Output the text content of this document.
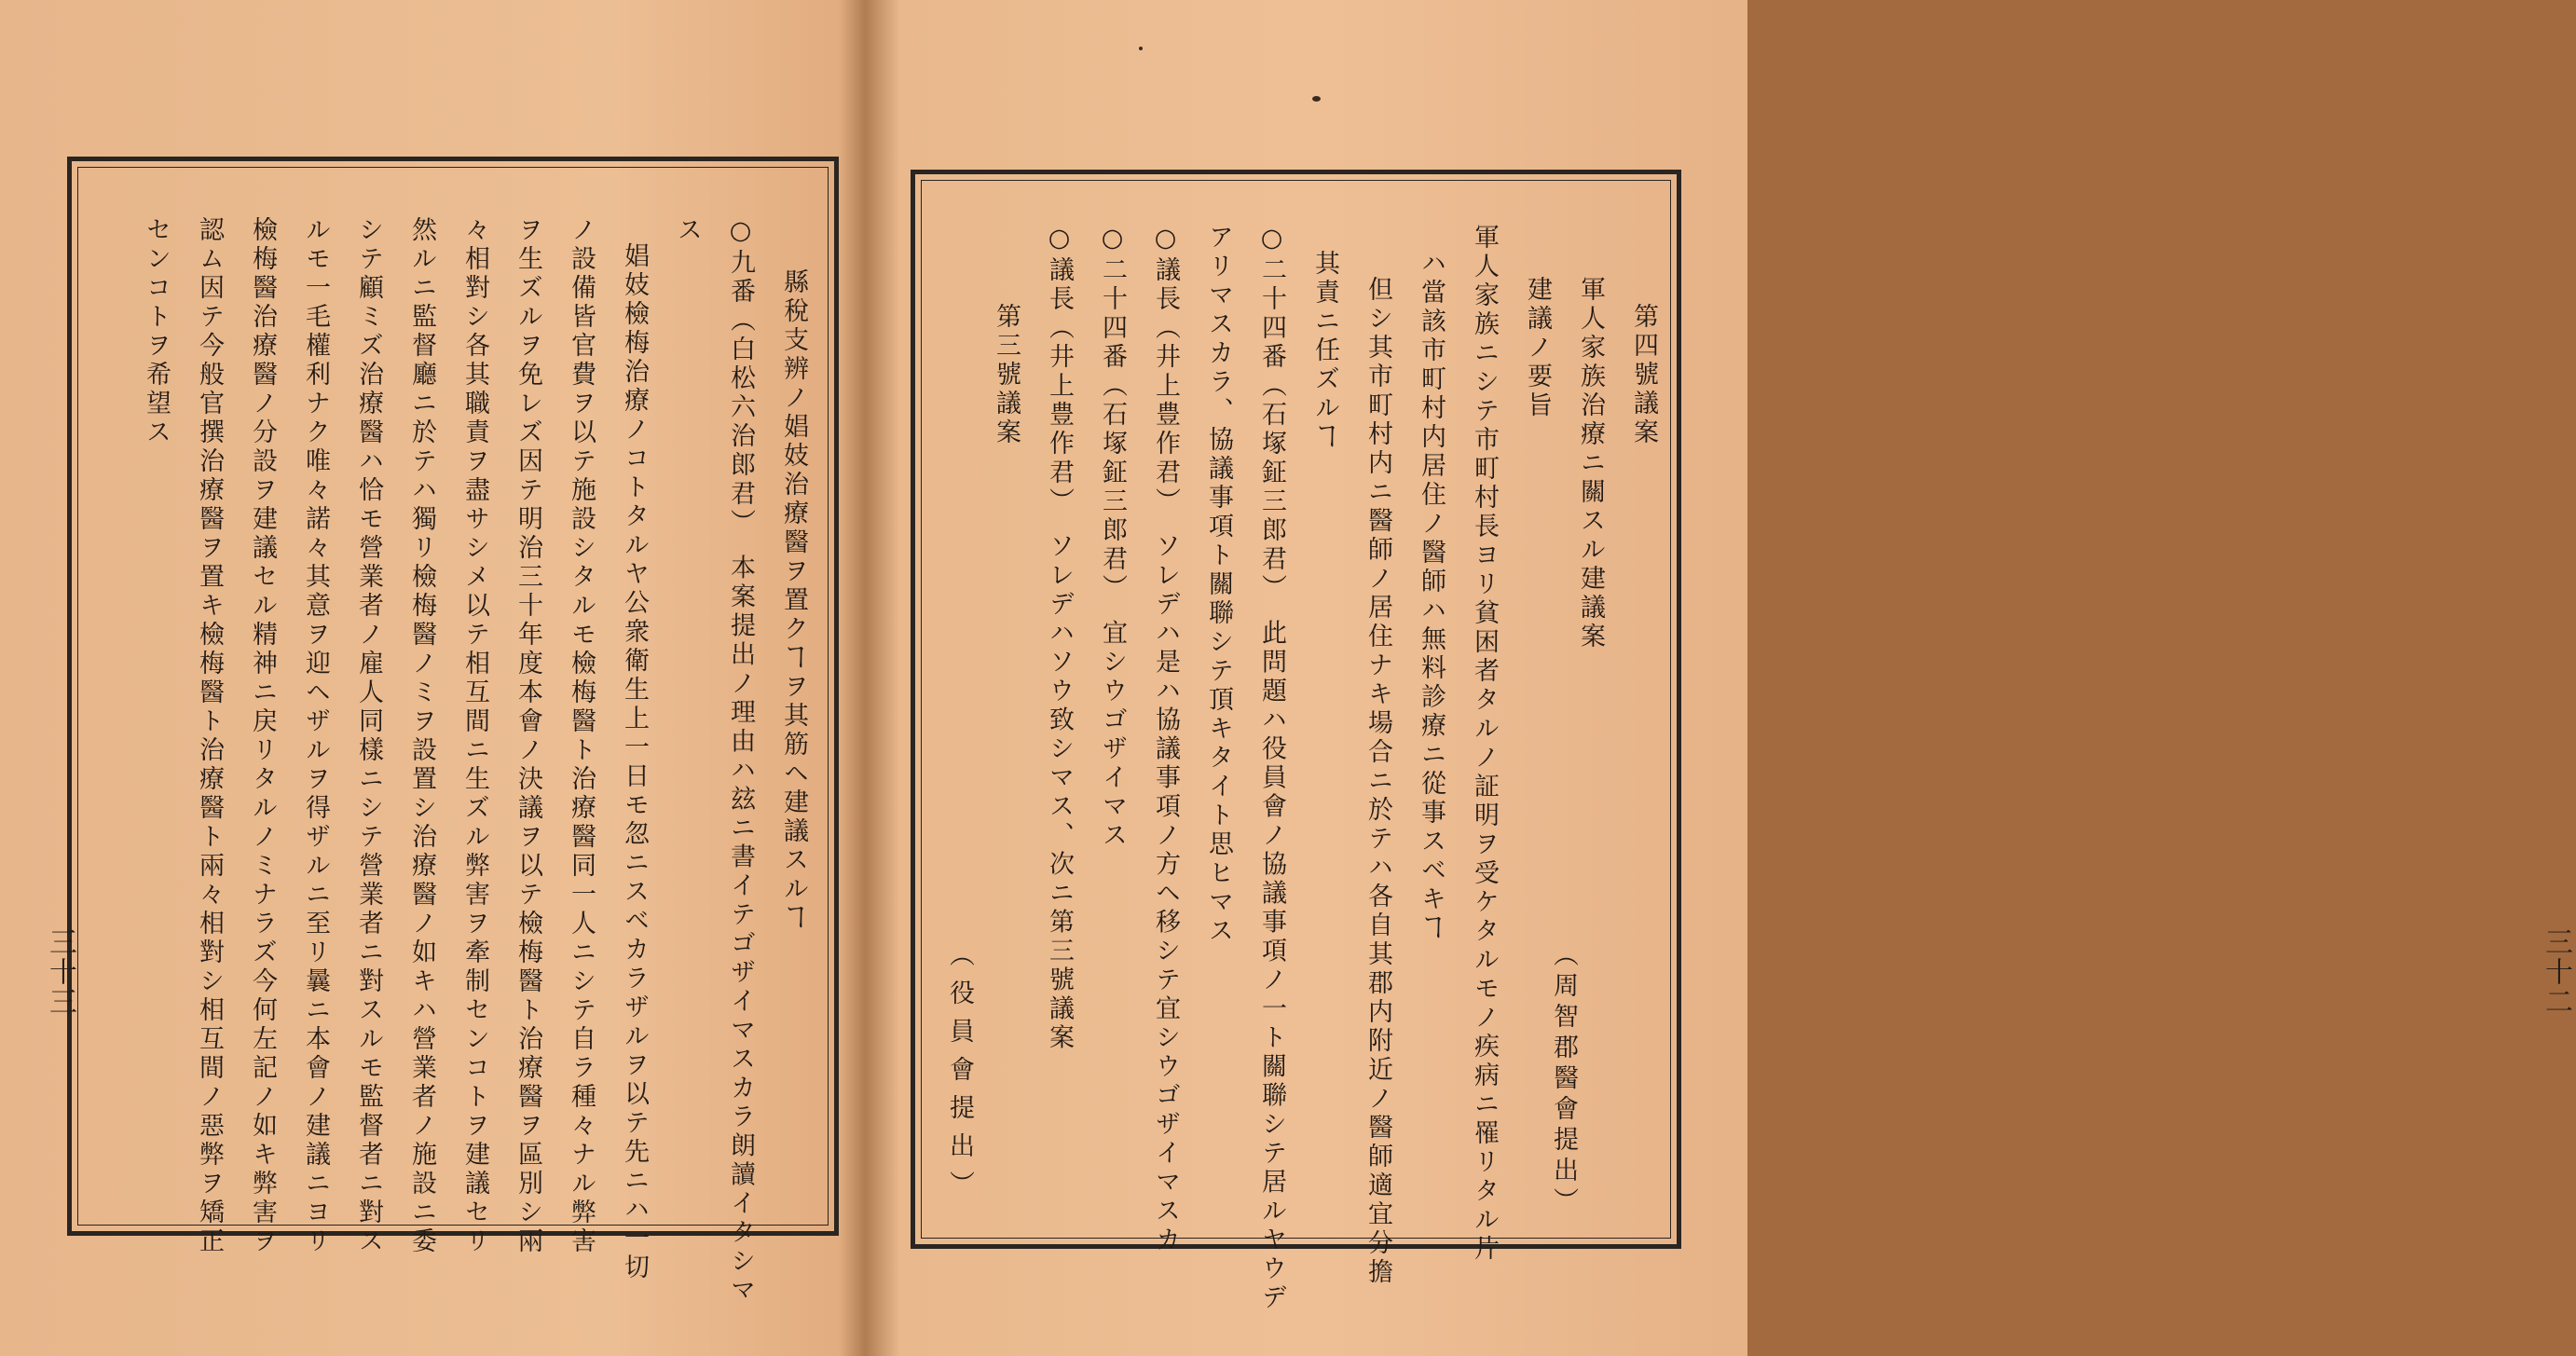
縣稅支辨ノ娼妓治療醫ヲ置クヿヲ其筋ヘ建議スルヿ

○九番（白松六治郎君）　本案提出ノ理由ハ玆ニ書イテゴザイマスカラ朗讀イタシマ

ス

娼妓檢梅治療ノコトタルヤ公衆衛生上一日モ忽ニスベカラザルヲ以テ先ニハ一切

ノ設備皆官費ヲ以テ施設シタルモ檢梅醫ト治療醫同一人ニシテ自ラ種々ナル弊害

ヲ生ズルヲ免レズ因テ明治三十年度本會ノ決議ヲ以テ檢梅醫ト治療醫ヲ區別シ兩

々相對シ各其職責ヲ盡サシメ以テ相互間ニ生ズル弊害ヲ牽制センコトヲ建議セリ

然ルニ監督廳ニ於テハ獨リ檢梅醫ノミヲ設置シ治療醫ノ如キハ營業者ノ施設ニ委

シテ顧ミズ治療醫ハ恰モ營業者ノ雇人同樣ニシテ營業者ニ對スルモ監督者ニ對ス

ルモ一毛權利ナク唯々諾々其意ヲ迎ヘザルヲ得ザルニ至リ曩ニ本會ノ建議ニヨリ

檢梅醫治療醫ノ分設ヲ建議セル精神ニ戻リタルノミナラズ今何左記ノ如キ弊害ヲ

認ム因テ今般官撰治療醫ヲ置キ檢梅醫ト治療醫ト兩々相對シ相互間ノ惡弊ヲ矯正

センコトヲ希望ス

三十三

第四號議案

軍人家族治療ニ關スル建議案

建議ノ要旨

軍人家族ニシテ市町村長ヨリ貧困者タルノ証明ヲ受ケタルモノ疾病ニ罹リタル片

ハ當該市町村内居住ノ醫師ハ無料診療ニ從事スベキヿ

但シ其市町村内ニ醫師ノ居住ナキ場合ニ於テハ各自其郡内附近ノ醫師適宜分擔

其責ニ任ズルヿ

○二十四番（石塚鉦三郎君）　此問題ハ役員會ノ協議事項ノ一ト關聯シテ居ルヤウデ

アリマスカラ、協議事項ト關聯シテ頂キタイト思ヒマス

○議長（井上豊作君）　ソレデハ是ハ協議事項ノ方ヘ移シテ宜シウゴザイマスカ

○二十四番（石塚鉦三郎君）　宜シウゴザイマス

○議長（井上豊作君）　ソレデハソウ致シマス、次ニ第三號議案

第三號議案

三十二
（周智郡醫會提出）
（役員會提出）
